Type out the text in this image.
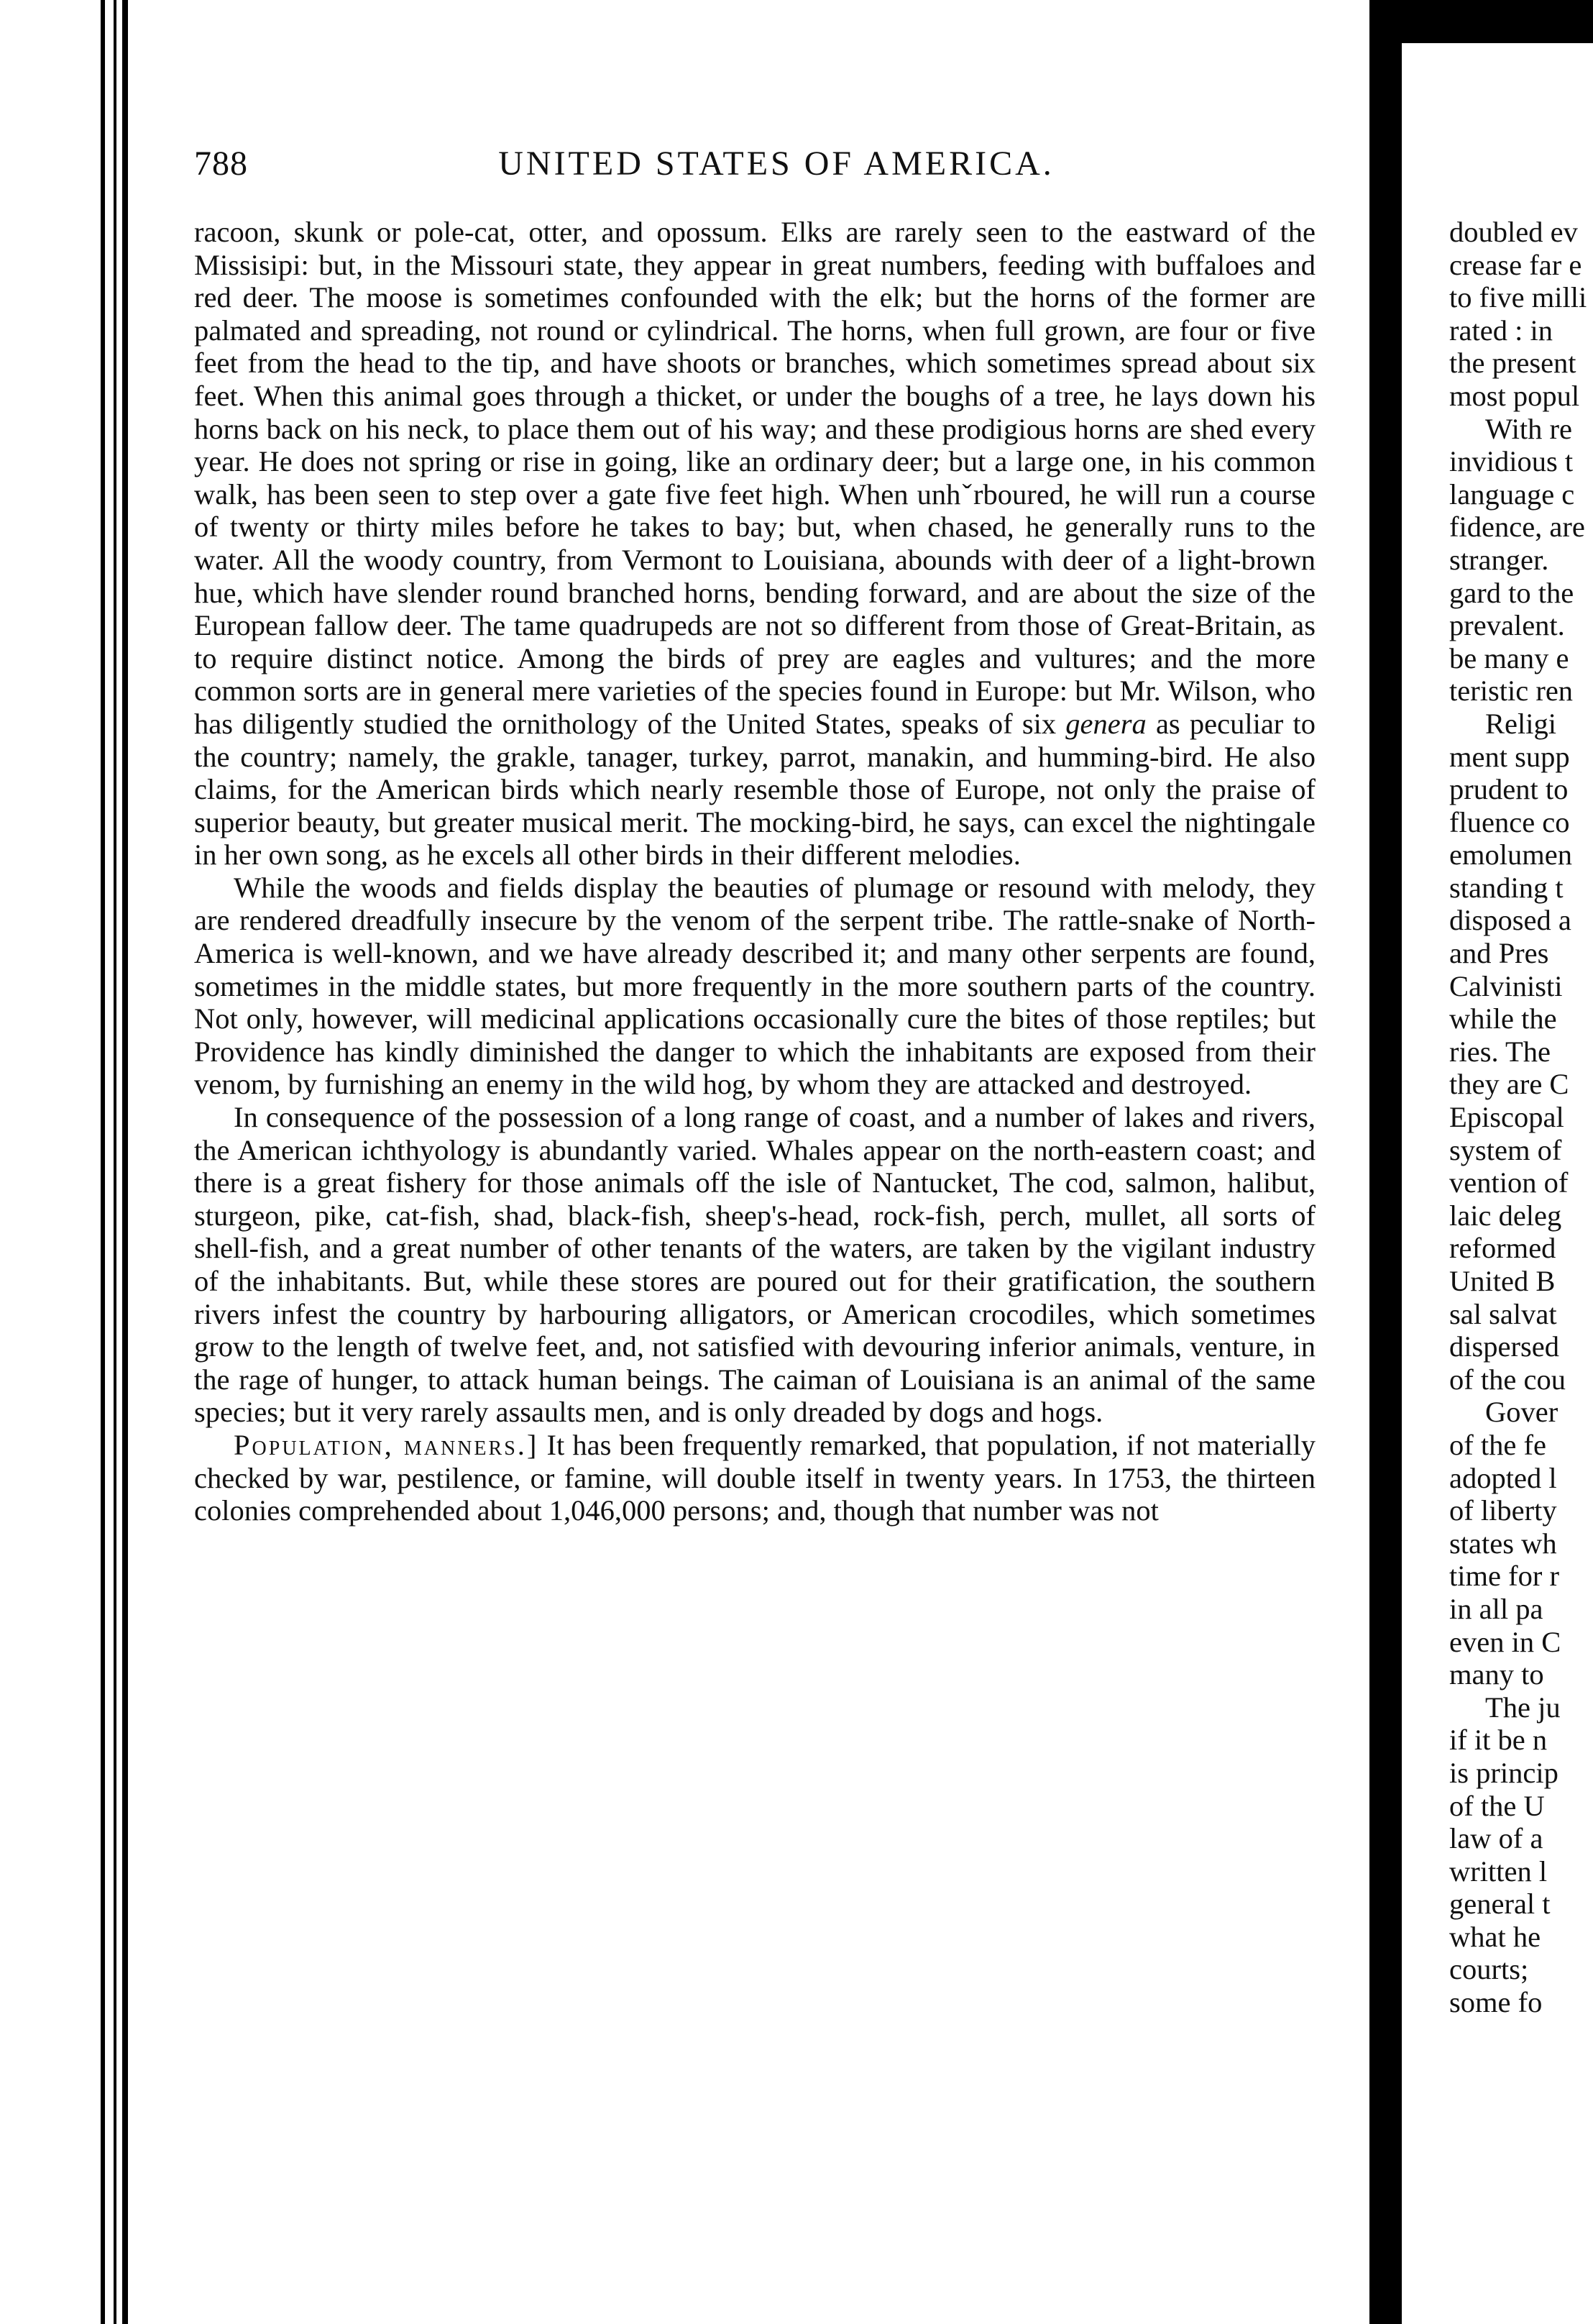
788	UNITED STATES OF AMERICA.

racoon, skunk or pole-cat, otter, and opossum. Elks are rarely seen to the eastward of the Missisipi: but, in the Missouri state, they appear in great numbers, feeding with buffaloes and red deer. The moose is sometimes confounded with the elk; but the horns of the former are palmated and spreading, not round or cylindrical. The horns, when full grown, are four or five feet from the head to the tip, and have shoots or branches, which sometimes spread about six feet. When this animal goes through a thicket, or under the boughs of a tree, he lays down his horns back on his neck, to place them out of his way; and these prodigious horns are shed every year. He does not spring or rise in going, like an ordinary deer; but a large one, in his common walk, has been seen to step over a gate five feet high. When unhˇrboured, he will run a course of twenty or thirty miles before he takes to bay; but, when chased, he generally runs to the water. All the woody country, from Vermont to Louisiana, abounds with deer of a light-brown hue, which have slender round branched horns, bending forward, and are about the size of the European fallow deer. The tame quadrupeds are not so different from those of Great-Britain, as to require distinct notice. Among the birds of prey are eagles and vultures; and the more common sorts are in general mere varieties of the species found in Europe: but Mr. Wilson, who has diligently studied the ornithology of the United States, speaks of six genera as peculiar to the country; namely, the grakle, tanager, turkey, parrot, manakin, and humming-bird. He also claims, for the American birds which nearly resemble those of Europe, not only the praise of superior beauty, but greater musical merit. The mocking-bird, he says, can excel the nightingale in her own song, as he excels all other birds in their different melodies.

While the woods and fields display the beauties of plumage or resound with melody, they are rendered dreadfully insecure by the venom of the serpent tribe. The rattle-snake of North-America is well-known, and we have already described it; and many other serpents are found, sometimes in the middle states, but more frequently in the more southern parts of the country. Not only, however, will medicinal applications occasionally cure the bites of those reptiles; but Providence has kindly diminished the danger to which the inhabitants are exposed from their venom, by furnishing an enemy in the wild hog, by whom they are attacked and destroyed.

In consequence of the possession of a long range of coast, and a number of lakes and rivers, the American ichthyology is abundantly varied. Whales appear on the north-eastern coast; and there is a great fishery for those animals off the isle of Nantucket, The cod, salmon, halibut, sturgeon, pike, cat-fish, shad, black-fish, sheep's-head, rock-fish, perch, mullet, all sorts of shell-fish, and a great number of other tenants of the waters, are taken by the vigilant industry of the inhabitants. But, while these stores are poured out for their gratification, the southern rivers infest the country by harbouring alligators, or American crocodiles, which sometimes grow to the length of twelve feet, and, not satisfied with devouring inferior animals, venture, in the rage of hunger, to attack human beings. The caiman of Louisiana is an animal of the same species; but it very rarely assaults men, and is only dreaded by dogs and hogs.

Population, manners.] It has been frequently remarked, that population, if not materially checked by war, pestilence, or famine, will double itself in twenty years. In 1753, the thirteen colonies comprehended about 1,046,000 persons; and, though that number was not

doubled ev
crease far e
to five milli
rated : in
the present
most popul
With re
invidious t
language c
fidence, are
stranger.
gard to the
prevalent.
be many e
teristic ren
Religi
ment supp
prudent to
fluence co
emolumen
standing t
disposed a
and Pres
Calvinisti
while the
ries. The
they are C
Episcopal
system of
vention of
laic deleg
reformed
United B
sal salvat
dispersed
of the cou
Gover
of the fe
adopted l
of liberty
states wh
time for r
in all pa
even in C
many to
The ju
if it be n
is princip
of the U
law of a
written l
general t
what he
courts;
some fo
